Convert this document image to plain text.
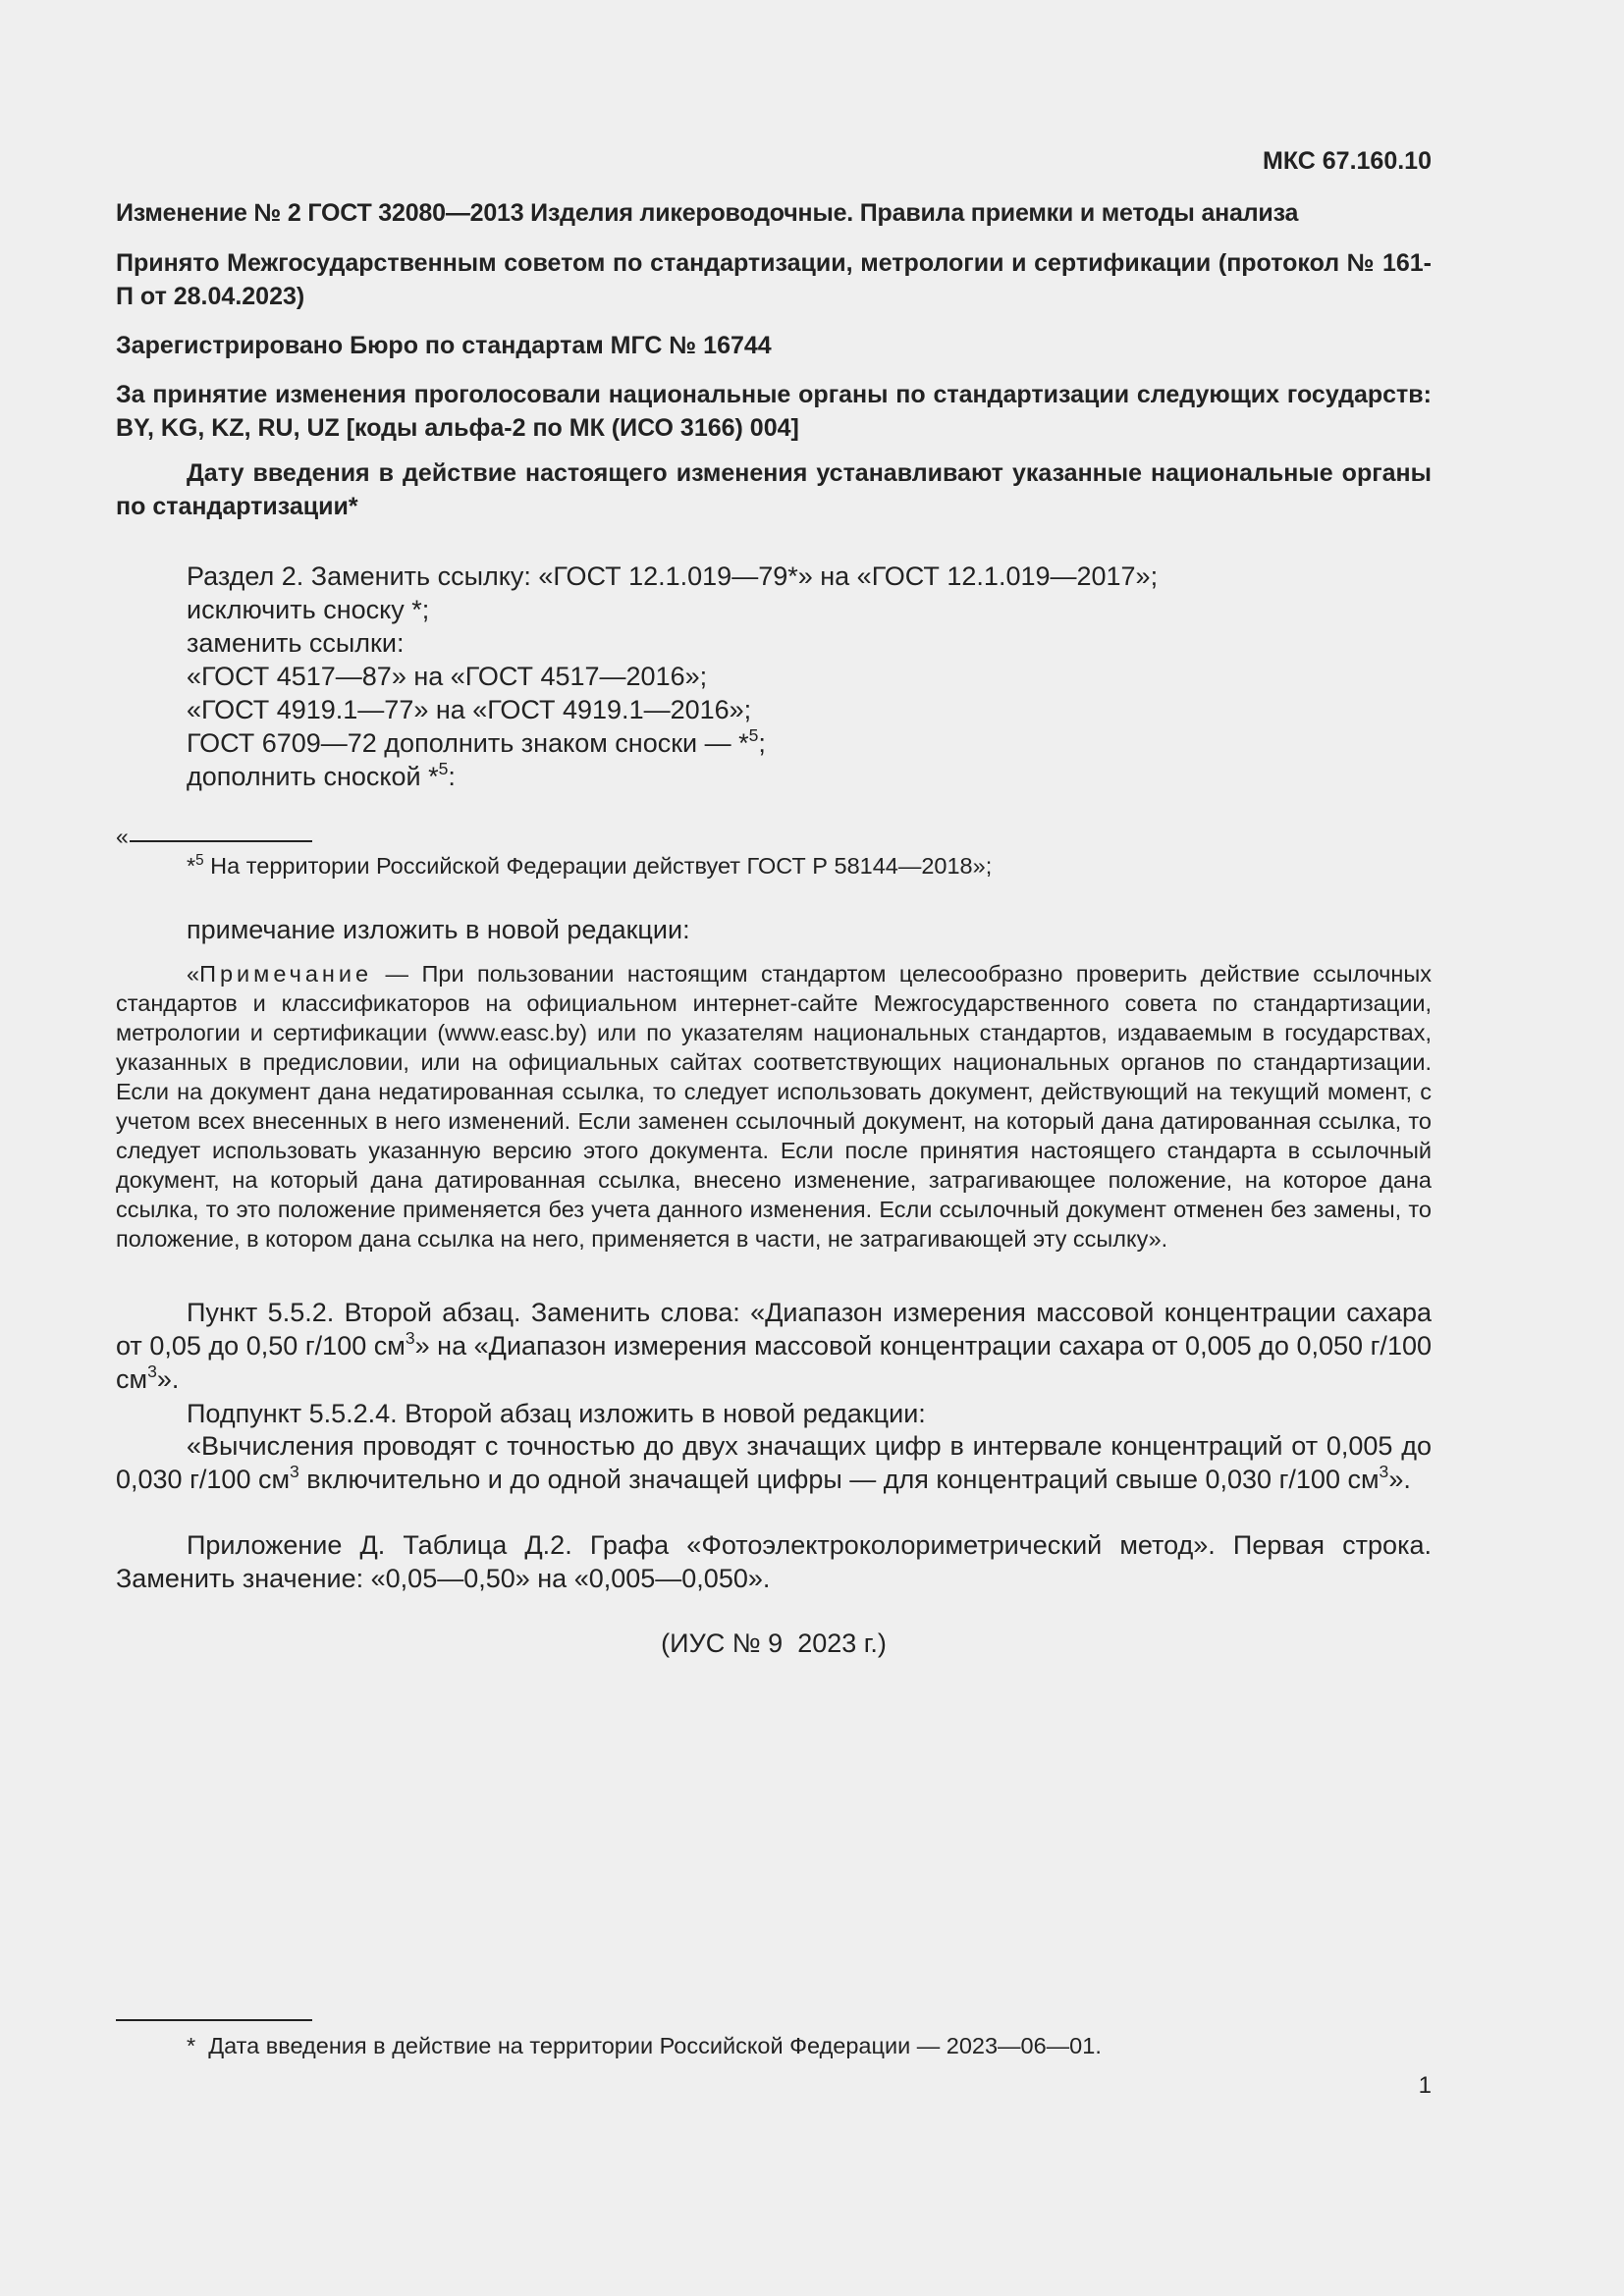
МКС 67.160.10

Изменение № 2 ГОСТ 32080—2013 Изделия ликероводочные. Правила приемки и методы анализа

Принято Межгосударственным советом по стандартизации, метрологии и сертификации (протокол № 161-П от 28.04.2023)

Зарегистрировано Бюро по стандартам МГС № 16744

За принятие изменения проголосовали национальные органы по стандартизации следующих государств: BY, KG, KZ, RU, UZ [коды альфа-2 по МК (ИСО 3166) 004]

Дату введения в действие настоящего изменения устанавливают указанные национальные органы по стандартизации*

Раздел 2. Заменить ссылку: «ГОСТ 12.1.019—79*» на «ГОСТ 12.1.019—2017»;
исключить сноску *;
заменить ссылки:
«ГОСТ 4517—87» на «ГОСТ 4517—2016»;
«ГОСТ 4919.1—77» на «ГОСТ 4919.1—2016»;
ГОСТ 6709—72 дополнить знаком сноски — *$^5$;
дополнить сноской *$^5$:
«
*$^5$ На территории Российской Федерации действует ГОСТ Р 58144—2018»;
примечание изложить в новой редакции:

«Примечание — При пользовании настоящим стандартом целесообразно проверить действие ссылочных стандартов и классификаторов на официальном интернет-сайте Межгосударственного совета по стандартизации, метрологии и сертификации (www.easc.by) или по указателям национальных стандартов, издаваемым в государствах, указанных в предисловии, или на официальных сайтах соответствующих национальных органов по стандартизации. Если на документ дана недатированная ссылка, то следует использовать документ, действующий на текущий момент, с учетом всех внесенных в него изменений. Если заменен ссылочный документ, на который дана датированная ссылка, то следует использовать указанную версию этого документа. Если после принятия настоящего стандарта в ссылочный документ, на который дана датированная ссылка, внесено изменение, затрагивающее положение, на которое дана ссылка, то это положение применяется без учета данного изменения. Если ссылочный документ отменен без замены, то положение, в котором дана ссылка на него, применяется в части, не затрагивающей эту ссылку».

Пункт 5.5.2. Второй абзац. Заменить слова: «Диапазон измерения массовой концентрации сахара от 0,05 до 0,50 г/100 $см^3$» на «Диапазон измерения массовой концентрации сахара от 0,005 до 0,050 г/100 $см^3$».

Подпункт 5.5.2.4. Второй абзац изложить в новой редакции:

«Вычисления проводят с точностью до двух значащих цифр в интервале концентраций от 0,005 до 0,030 г/100 $см^3$ включительно и до одной значащей цифры — для концентраций свыше 0,030 г/100 $см^3$».

Приложение Д. Таблица Д.2. Графа «Фотоэлектроколориметрический метод». Первая строка. Заменить значение: «0,05—0,50» на «0,005—0,050».

(ИУС № 9  2023 г.)
* Дата введения в действие на территории Российской Федерации — 2023—06—01.
1
